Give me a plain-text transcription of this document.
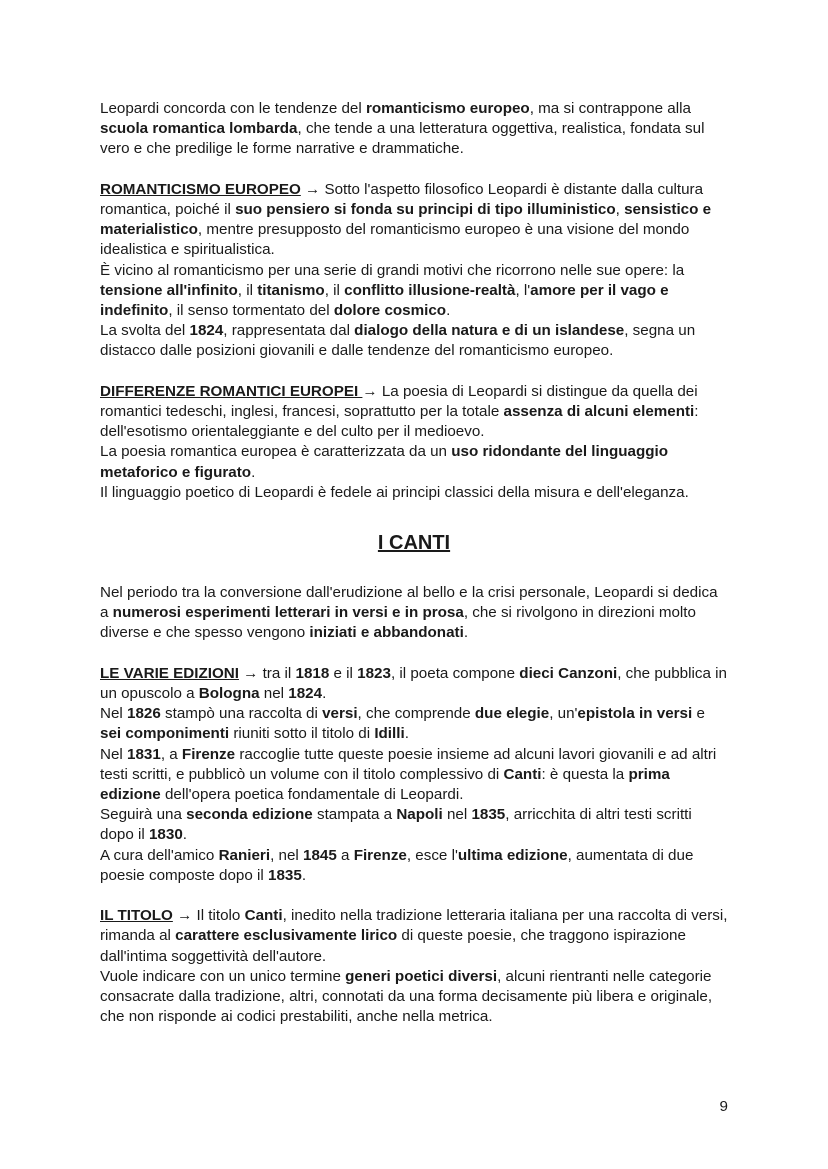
Leopardi concorda con le tendenze del romanticismo europeo, ma si contrappone alla scuola romantica lombarda, che tende a una letteratura oggettiva, realistica, fondata sul vero e che predilige le forme narrative e drammatiche.

ROMANTICISMO EUROPEO → Sotto l'aspetto filosofico Leopardi è distante dalla cultura romantica, poiché il suo pensiero si fonda su principi di tipo illuministico, sensistico e materialistico, mentre presupposto del romanticismo europeo è una visione del mondo idealistica e spiritualistica.

È vicino al romanticismo per una serie di grandi motivi che ricorrono nelle sue opere: la tensione all'infinito, il titanismo, il conflitto illusione-realtà, l'amore per il vago e indefinito, il senso tormentato del dolore cosmico.

La svolta del 1824, rappresentata dal dialogo della natura e di un islandese, segna un distacco dalle posizioni giovanili e dalle tendenze del romanticismo europeo.

DIFFERENZE ROMANTICI EUROPEI → La poesia di Leopardi si distingue da quella dei romantici tedeschi, inglesi, francesi, soprattutto per la totale assenza di alcuni elementi: dell'esotismo orientaleggiante e del culto per il medioevo.

La poesia romantica europea è caratterizzata da un uso ridondante del linguaggio metaforico e figurato.

Il linguaggio poetico di Leopardi è fedele ai principi classici della misura e dell'eleganza.

I CANTI

Nel periodo tra la conversione dall'erudizione al bello e la crisi personale, Leopardi si dedica a numerosi esperimenti letterari in versi e in prosa, che si rivolgono in direzioni molto diverse e che spesso vengono iniziati e abbandonati.

LE VARIE EDIZIONI → tra il 1818 e il 1823, il poeta compone dieci Canzoni, che pubblica in un opuscolo a Bologna nel 1824.

Nel 1826 stampò una raccolta di versi, che comprende due elegie, un'epistola in versi e sei componimenti riuniti sotto il titolo di Idilli.

Nel 1831, a Firenze raccoglie tutte queste poesie insieme ad alcuni lavori giovanili e ad altri testi scritti, e pubblicò un volume con il titolo complessivo di Canti: è questa la prima edizione dell'opera poetica fondamentale di Leopardi.

Seguirà una seconda edizione stampata a Napoli nel 1835, arricchita di altri testi scritti dopo il 1830.

A cura dell'amico Ranieri, nel 1845 a Firenze, esce l'ultima edizione, aumentata di due poesie composte dopo il 1835.

IL TITOLO → Il titolo Canti, inedito nella tradizione letteraria italiana per una raccolta di versi, rimanda al carattere esclusivamente lirico di queste poesie, che traggono ispirazione dall'intima soggettività dell'autore.

Vuole indicare con un unico termine generi poetici diversi, alcuni rientranti nelle categorie consacrate dalla tradizione, altri, connotati da una forma decisamente più libera e originale, che non risponde ai codici prestabiliti, anche nella metrica.

9
